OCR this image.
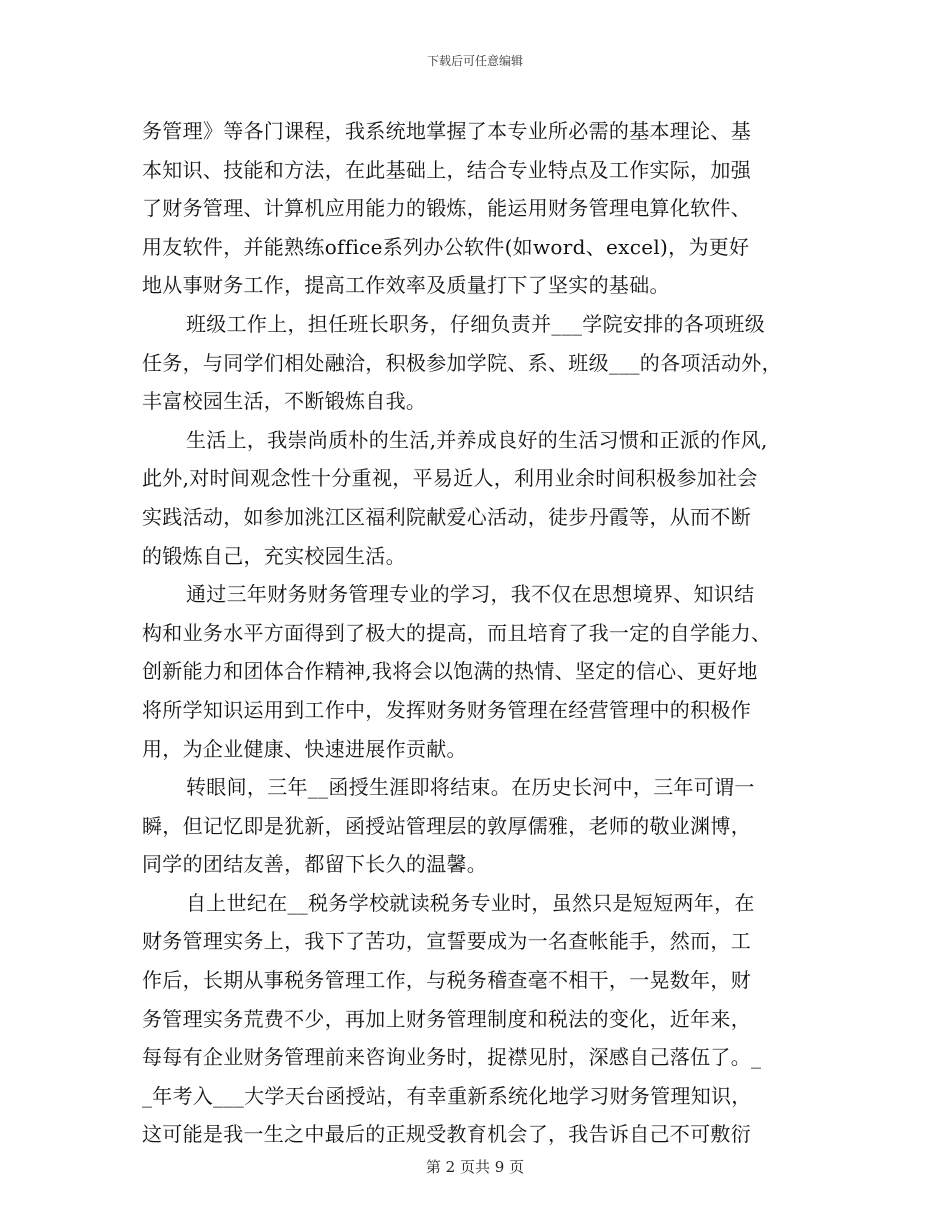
下载后可任意编辑
务管理》等各门课程，我系统地掌握了本专业所必需的基本理论、基
本知识、技能和方法，在此基础上，结合专业特点及工作实际，加强
了财务管理、计算机应用能力的锻炼，能运用财务管理电算化软件、
用友软件，并能熟练office系列办公软件(如word、excel)，为更好
地从事财务工作，提高工作效率及质量打下了坚实的基础。
班级工作上，担任班长职务，仔细负责并___学院安排的各项班级
任务，与同学们相处融洽，积极参加学院、系、班级___的各项活动外，
丰富校园生活，不断锻炼自我。
生活上，我崇尚质朴的生活,并养成良好的生活习惯和正派的作风,
此外,对时间观念性十分重视，平易近人，利用业余时间积极参加社会
实践活动，如参加洮江区福利院献爱心活动，徒步丹霞等，从而不断
的锻炼自己，充实校园生活。
通过三年财务财务管理专业的学习，我不仅在思想境界、知识结
构和业务水平方面得到了极大的提高，而且培育了我一定的自学能力、
创新能力和团体合作精神,我将会以饱满的热情、坚定的信心、更好地
将所学知识运用到工作中，发挥财务财务管理在经营管理中的积极作
用，为企业健康、快速进展作贡献。
转眼间，三年__函授生涯即将结束。在历史长河中，三年可谓一
瞬，但记忆即是犹新，函授站管理层的敦厚儒雅，老师的敬业渊博，
同学的团结友善，都留下长久的温馨。
自上世纪在__税务学校就读税务专业时，虽然只是短短两年，在
财务管理实务上，我下了苦功，宣誓要成为一名查帐能手，然而，工
作后，长期从事税务管理工作，与税务稽查毫不相干，一晃数年，财
务管理实务荒费不少，再加上财务管理制度和税法的变化，近年来，
每每有企业财务管理前来咨询业务时，捉襟见肘，深感自己落伍了。_
_年考入___大学天台函授站，有幸重新系统化地学习财务管理知识，
这可能是我一生之中最后的正规受教育机会了，我告诉自己不可敷衍
第 2 页共 9 页
